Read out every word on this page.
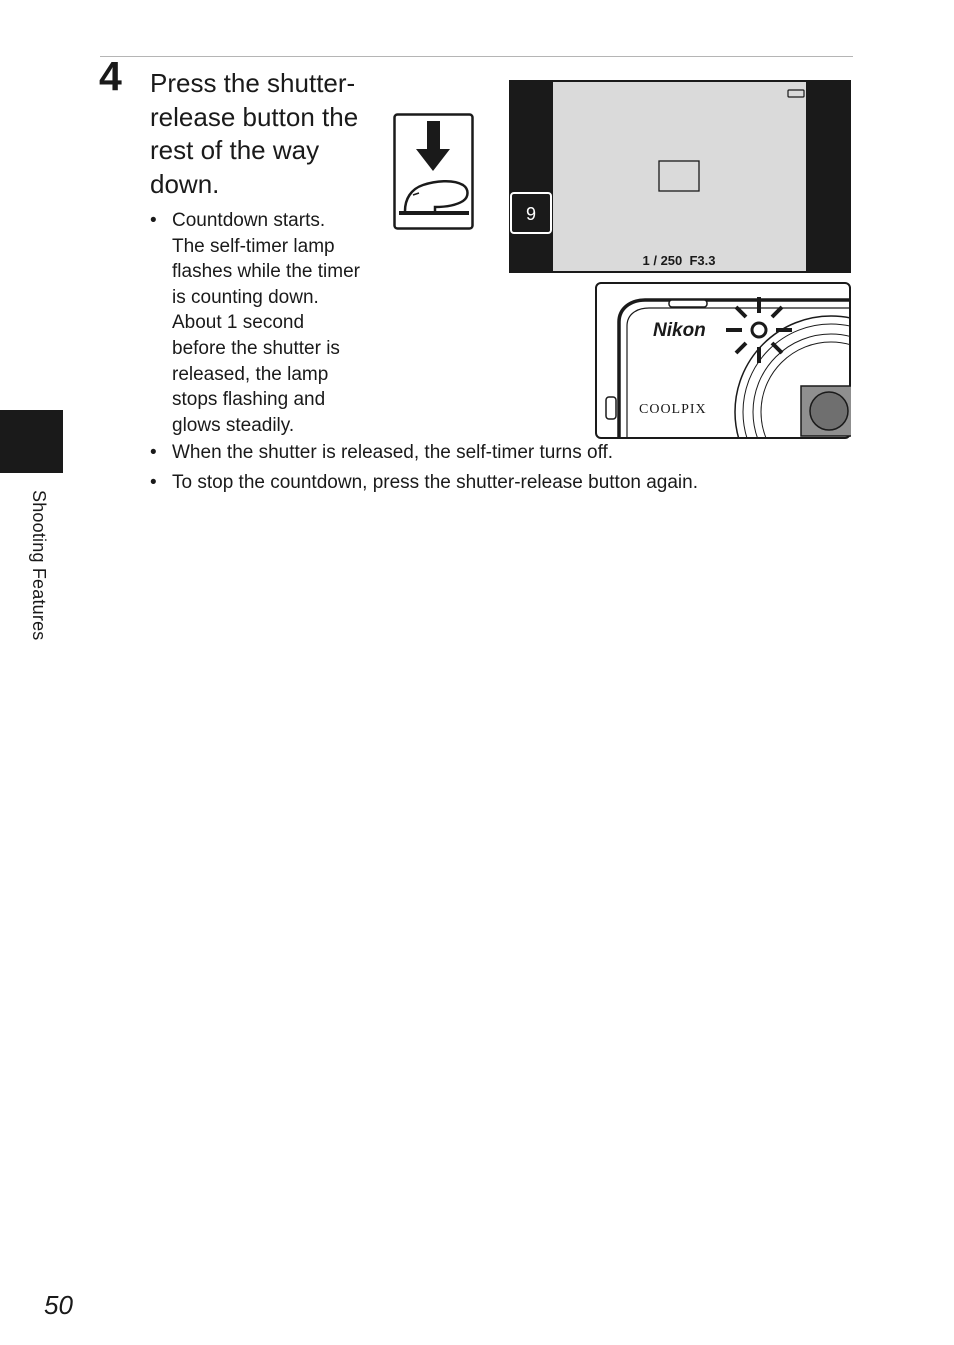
4 Press the shutter-release button the rest of the way down.
• Countdown starts. The self-timer lamp flashes while the timer is counting down. About 1 second before the shutter is released, the lamp stops flashing and glows steadily.
• When the shutter is released, the self-timer turns off.
• To stop the countdown, press the shutter-release button again.
9
1 / 250  F3.3
Nikon
COOLPIX
Shooting Features
50
